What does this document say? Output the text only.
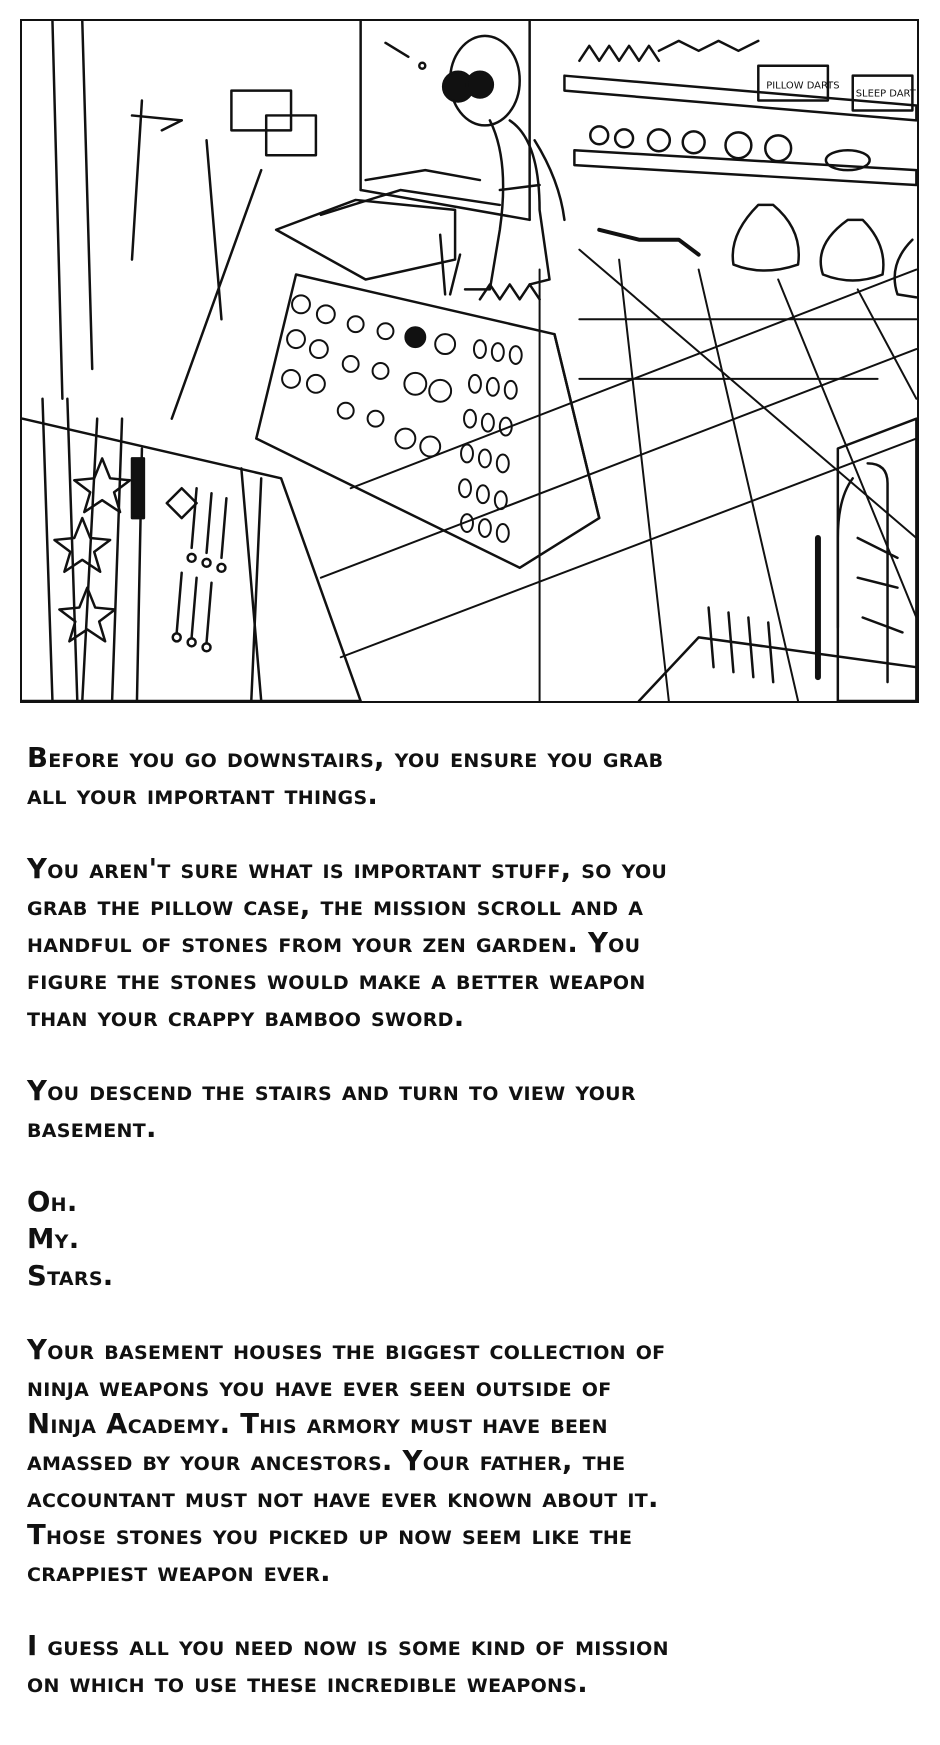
PILLOW DARTS
SLEEP DART

Before you go downstairs, you ensure you grab
all your important things.

You aren't sure what is important stuff, so you
grab the pillow case, the mission scroll and a
handful of stones from your zen garden. You
figure the stones would make a better weapon
than your crappy bamboo sword.

You descend the stairs and turn to view your
basement.

Oh.
My.
Stars.

Your basement houses the biggest collection of
ninja weapons you have ever seen outside of
Ninja Academy. This armory must have been
amassed by your ancestors. Your father, the
accountant must not have ever known about it.
Those stones you picked up now seem like the
crappiest weapon ever.

I guess all you need now is some kind of mission
on which to use these incredible weapons.
